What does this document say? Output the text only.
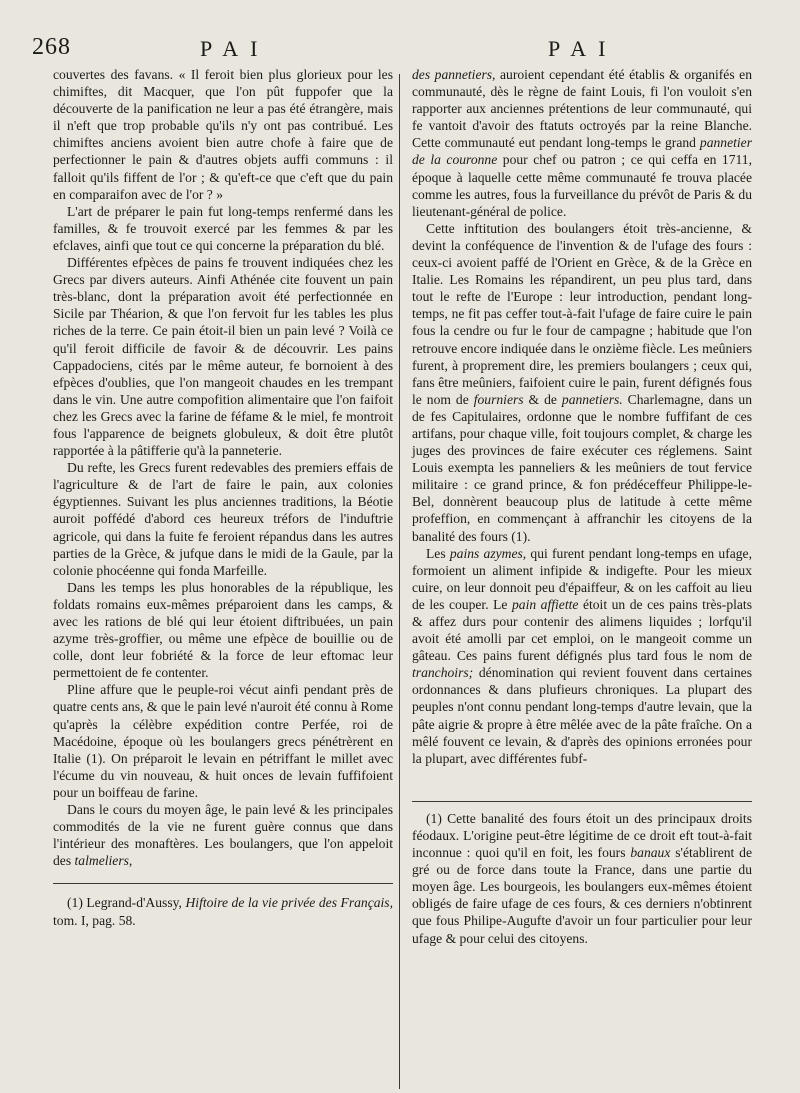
268	PAI	PAI

couvertes des favans. « Il feroit bien plus glorieux pour les chimiftes, dit Macquer, que l'on pût fuppofer que la découverte de la panification ne leur a pas été étrangère, mais il n'eft que trop probable qu'ils n'y ont pas contribué. Les chimiftes anciens avoient bien autre chofe à faire que de perfectionner le pain & d'autres objets auffi communs : il falloit qu'ils fiffent de l'or ; & qu'eft-ce que c'eft que du pain en comparaifon avec de l'or ? »

L'art de préparer le pain fut long-temps renfermé dans les familles, & fe trouvoit exercé par les femmes & par les efclaves, ainfi que tout ce qui concerne la préparation du blé.

Différentes efpèces de pains fe trouvent indiquées chez les Grecs par divers auteurs. Ainfi Athénée cite fouvent un pain très-blanc, dont la préparation avoit été perfectionnée en Sicile par Théarion, & que l'on fervoit fur les tables les plus riches de la terre. Ce pain étoit-il bien un pain levé ? Voilà ce qu'il feroit difficile de favoir & de découvrir. Les pains Cappadociens, cités par le même auteur, fe bornoient à des efpèces d'oublies, que l'on mangeoit chaudes en les trempant dans le vin. Une autre compofition alimentaire que l'on faifoit chez les Grecs avec la farine de féfame & le miel, fe montroit fous l'apparence de beignets globuleux, & doit être plutôt rapportée à la pâtifferie qu'à la panneterie.

Du refte, les Grecs furent redevables des premiers effais de l'agriculture & de l'art de faire le pain, aux colonies égyptiennes. Suivant les plus anciennes traditions, la Béotie auroit poffédé d'abord ces heureux tréfors de l'induftrie agricole, qui dans la fuite fe feroient répandus dans les autres parties de la Grèce, & jufque dans le midi de la Gaule, par la colonie phocéenne qui fonda Marfeille.

Dans les temps les plus honorables de la république, les foldats romains eux-mêmes préparoient dans les camps, & avec les rations de blé qui leur étoient diftribuées, un pain azyme très-groffier, ou même une efpèce de bouillie ou de colle, dont leur fobriété & la force de leur eftomac leur permettoient de fe contenter.

Pline affure que le peuple-roi vécut ainfi pendant près de quatre cents ans, & que le pain levé n'auroit été connu à Rome qu'après la célèbre expédition contre Perfée, roi de Macédoine, époque où les boulangers grecs pénétrèrent en Italie (1). On préparoit le levain en pétriffant le millet avec l'écume du vin nouveau, & huit onces de levain fuffifoient pour un boiffeau de farine.

Dans le cours du moyen âge, le pain levé & les principales commodités de la vie ne furent guère connus que dans l'intérieur des monaftères. Les boulangers, que l'on appeloit des talmeliers,

(1) Legrand-d'Aussy, Hiftoire de la vie privée des Français, tom. I, pag. 58.

des pannetiers, auroient cependant été établis & organifés en communauté, dès le règne de faint Louis, fi l'on vouloit s'en rapporter aux anciennes prétentions de leur communauté, qui fe vantoit d'avoir des ftatuts octroyés par la reine Blanche. Cette communauté eut pendant long-temps le grand pannetier de la couronne pour chef ou patron ; ce qui ceffa en 1711, époque à laquelle cette même communauté fe trouva placée comme les autres, fous la furveillance du prévôt de Paris & du lieutenant-général de police.

Cette inftitution des boulangers étoit très-ancienne, & devint la conféquence de l'invention & de l'ufage des fours : ceux-ci avoient paffé de l'Orient en Grèce, & de la Grèce en Italie. Les Romains les répandirent, un peu plus tard, dans tout le refte de l'Europe : leur introduction, pendant long-temps, ne fit pas ceffer tout-à-fait l'ufage de faire cuire le pain fous la cendre ou fur le four de campagne ; habitude que l'on retrouve encore indiquée dans le onzième fiècle. Les meûniers furent, à proprement dire, les premiers boulangers ; ceux qui, fans être meûniers, faifoient cuire le pain, furent défignés fous le nom de fourniers & de pannetiers. Charlemagne, dans un de fes Capitulaires, ordonne que le nombre fuffifant de ces artifans, pour chaque ville, foit toujours complet, & charge les juges des provinces de faire exécuter ces réglemens. Saint Louis exempta les panneliers & les meûniers de tout fervice militaire : ce grand prince, & fon prédéceffeur Philippe-le-Bel, donnèrent beaucoup plus de latitude à cette même profeffion, en commençant à affranchir les citoyens de la banalité des fours (1).

Les pains azymes, qui furent pendant long-temps en ufage, formoient un aliment infipide & indigefte. Pour les mieux cuire, on leur donnoit peu d'épaiffeur, & on les caffoit au lieu de les couper. Le pain affiette étoit un de ces pains très-plats & affez durs pour contenir des alimens liquides ; lorfqu'il avoit été amolli par cet emploi, on le mangeoit comme un gâteau. Ces pains furent défignés plus tard fous le nom de tranchoirs; dénomination qui revient fouvent dans certaines ordonnances & dans plufieurs chroniques. La plupart des peuples n'ont connu pendant long-temps d'autre levain, que la pâte aigrie & propre à être mêlée avec de la pâte fraîche. On a mêlé fouvent ce levain, & d'après des opinions erronées pour la plupart, avec différentes fubf-

(1) Cette banalité des fours étoit un des principaux droits féodaux. L'origine peut-être légitime de ce droit eft tout-à-fait inconnue : quoi qu'il en foit, les fours banaux s'établirent de gré ou de force dans toute la France, dans une partie du moyen âge. Les bourgeois, les boulangers eux-mêmes étoient obligés de faire ufage de ces fours, & ces derniers n'obtinrent que fous Philipe-Augufte d'avoir un four particulier pour leur ufage & pour celui des citoyens.
